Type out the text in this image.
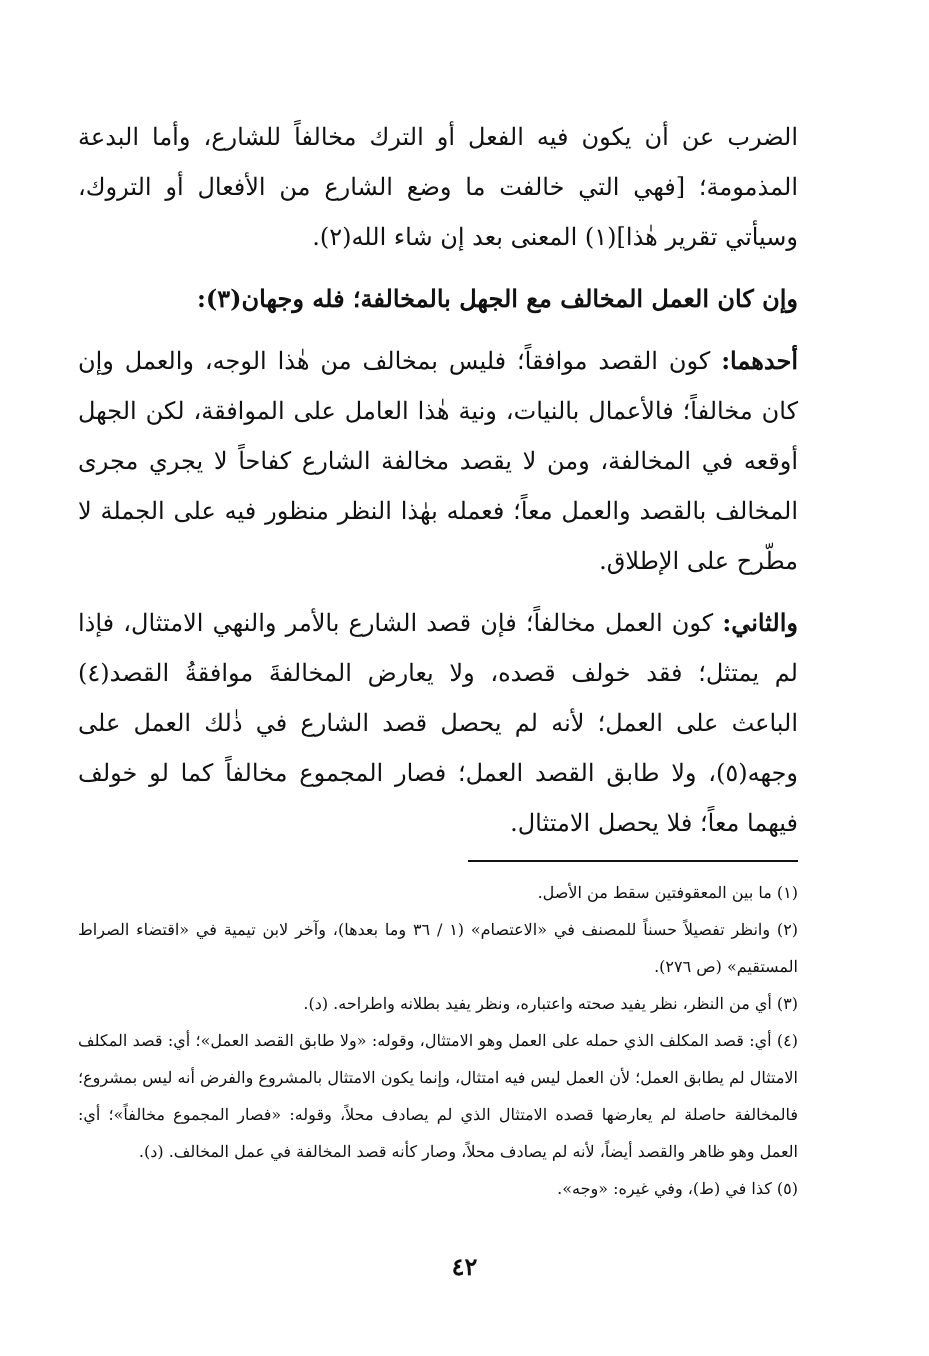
الضرب عن أن يكون فيه الفعل أو الترك مخالفاً للشارع، وأما البدعة المذمومة؛ [فهي التي خالفت ما وضع الشارع من الأفعال أو التروك، وسيأتي تقرير هٰذا](١) المعنى بعد إن شاء الله(٢).

وإن كان العمل المخالف مع الجهل بالمخالفة؛ فله وجهان(٣):

أحدهما: كون القصد موافقاً؛ فليس بمخالف من هٰذا الوجه، والعمل وإن كان مخالفاً؛ فالأعمال بالنيات، ونية هٰذا العامل على الموافقة، لكن الجهل أوقعه في المخالفة، ومن لا يقصد مخالفة الشارع كفاحاً لا يجري مجرى المخالف بالقصد والعمل معاً؛ فعمله بهٰذا النظر منظور فيه على الجملة لا مطّرح على الإطلاق.

والثاني: كون العمل مخالفاً؛ فإن قصد الشارع بالأمر والنهي الامتثال، فإذا لم يمتثل؛ فقد خولف قصده، ولا يعارض المخالفةَ موافقةُ القصد(٤) الباعث على العمل؛ لأنه لم يحصل قصد الشارع في ذٰلك العمل على وجهه(٥)، ولا طابق القصد العمل؛ فصار المجموع مخالفاً كما لو خولف فيهما معاً؛ فلا يحصل الامتثال.

(١) ما بين المعقوفتين سقط من الأصل.

(٢) وانظر تفصيلاً حسناً للمصنف في «الاعتصام» (١ / ٣٦ وما بعدها)، وآخر لابن تيمية في «اقتضاء الصراط المستقيم» (ص ٢٧٦).

(٣) أي من النظر، نظر يفيد صحته واعتباره، ونظر يفيد بطلانه واطراحه. (د).

(٤) أي: قصد المكلف الذي حمله على العمل وهو الامتثال، وقوله: «ولا طابق القصد العمل»؛ أي: قصد المكلف الامتثال لم يطابق العمل؛ لأن العمل ليس فيه امتثال، وإنما يكون الامتثال بالمشروع والفرض أنه ليس بمشروع؛ فالمخالفة حاصلة لم يعارضها قصده الامتثال الذي لم يصادف محلاً، وقوله: «فصار المجموع مخالفاً»؛ أي: العمل وهو ظاهر والقصد أيضاً، لأنه لم يصادف محلاً، وصار كأنه قصد المخالفة في عمل المخالف. (د).

(٥) كذا في (ط)، وفي غيره: «وجه».

٤٢
